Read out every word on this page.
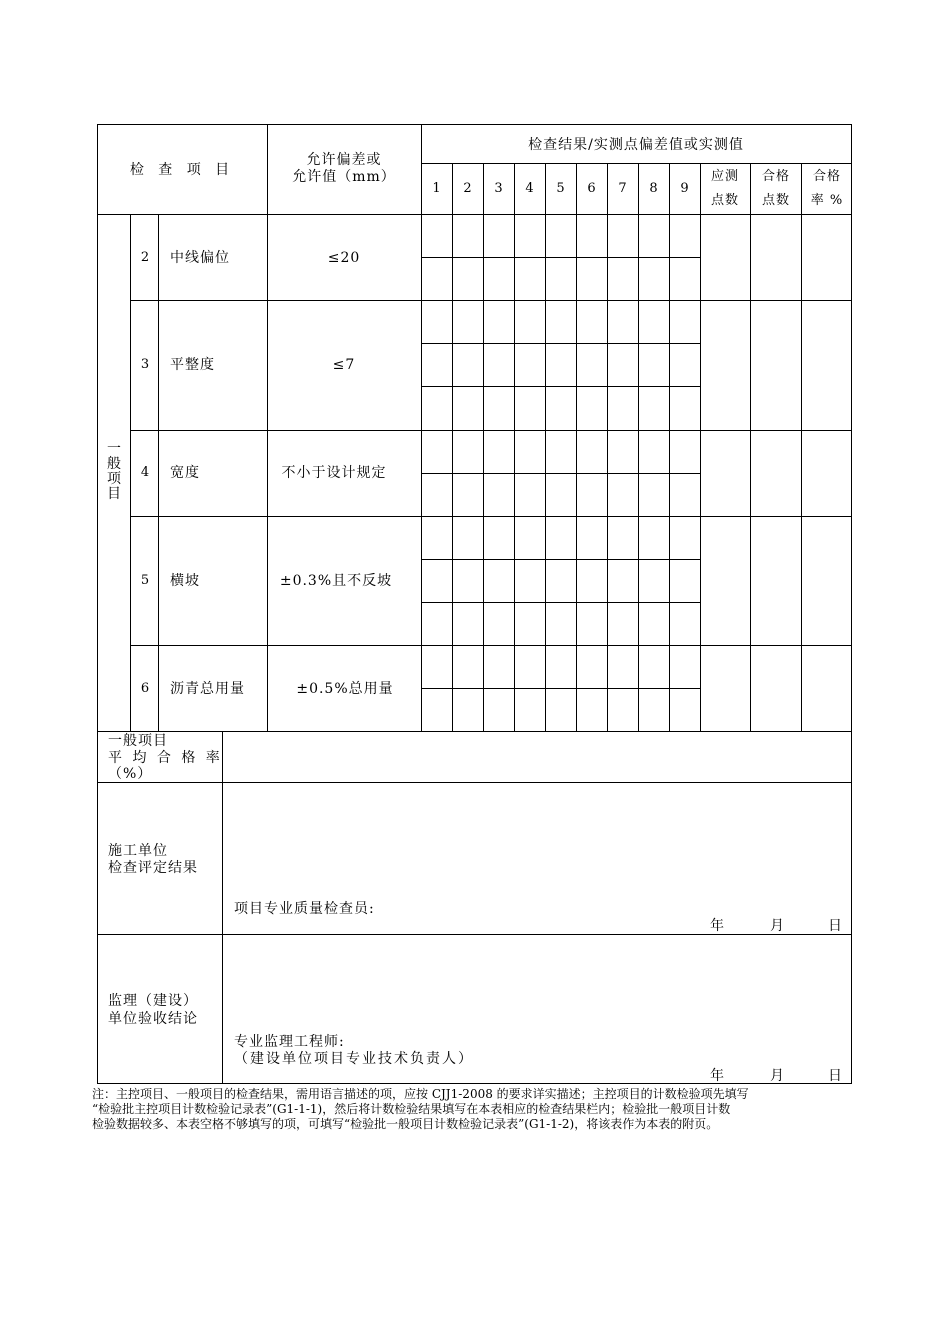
检 查 项 目
允许偏差或
允许值（mm）
检查结果/实测点偏差值或实测值
1 2 3 4 5 6 7 8 9
应测
点数
合格
点数
合格
率 %
一般项目
2 中线偏位	≤20
3 平整度	≤7
4 宽度	不小于设计规定
5 横坡	±0.3%且不反坡
6 沥青总用量	±0.5%总用量
一般项目
平 均 合 格 率
（%）
施工单位
检查评定结果
项目专业质量检查员:
年	月	日
监理（建设）
单位验收结论
专业监理工程师:
（建设单位项目专业技术负责人）
年	月	日
注：主控项目、一般项目的检查结果，需用语言描述的项，应按 CJJ1-2008 的要求详实描述；主控项目的计数检验项先填写
“检验批主控项目计数检验记录表”(G1-1-1)，然后将计数检验结果填写在本表相应的检查结果栏内；检验批一般项目计数
检验数据较多、本表空格不够填写的项，可填写“检验批一般项目计数检验记录表”(G1-1-2)，将该表作为本表的附页。
